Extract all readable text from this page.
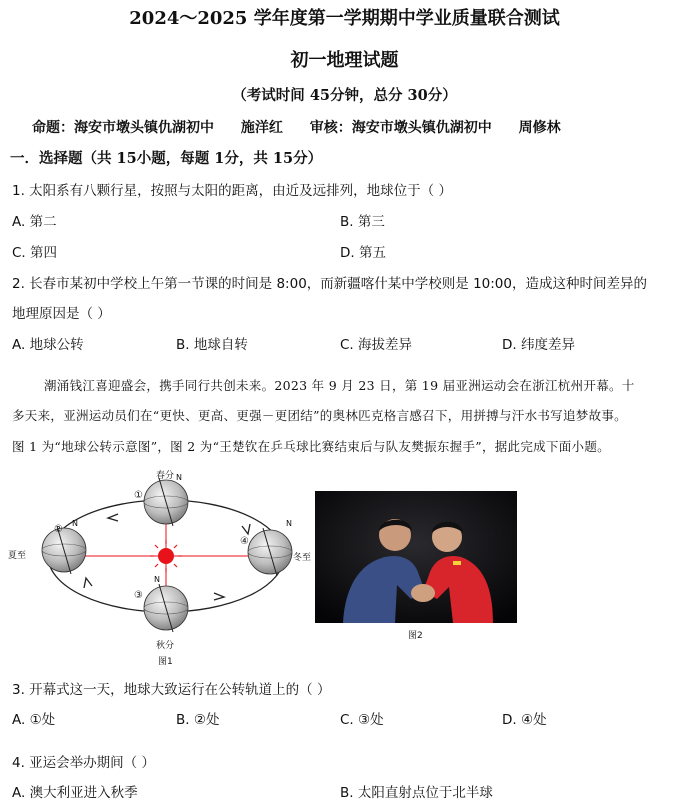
2024～2025 学年度第一学期期中学业质量联合测试
初一地理试题
（考试时间 45分钟，总分 30分）
命题：海安市墩头镇仇湖初中 施洋红 审核：海安市墩头镇仇湖初中 周修林
一．选择题（共 15小题，每题 1分，共 15分）
1. 太阳系有八颗行星，按照与太阳的距离，由近及远排列，地球位于（ ）
A. 第二	B. 第三
C. 第四	D. 第五
2. 长春市某初中学校上午第一节课的时间是 8:00，而新疆喀什某中学校则是 10:00，造成这种时间差异的
地理原因是（ ）
A. 地球公转	B. 地球自转	C. 海拔差异	D. 纬度差异
潮涌钱江喜迎盛会，携手同行共创未来。2023 年 9 月 23 日，第 19 届亚洲运动会在浙江杭州开幕。十
多天来，亚洲运动员们在“更快、更高、更强－更团结”的奥林匹克格言感召下，用拼搏与汗水书写追梦故事。
图 1 为“地球公转示意图”，图 2 为“王楚钦在乒乓球比赛结束后与队友樊振东握手”，据此完成下面小题。
春分
夏至	冬至
秋分
N
N	N
N
①
②
③
④
图1
图2
3. 开幕式这一天，地球大致运行在公转轨道上的（ ）
A. ①处	B. ②处	C. ③处	D. ④处
4. 亚运会举办期间（ ）
A. 澳大利亚进入秋季	B. 太阳直射点位于北半球
